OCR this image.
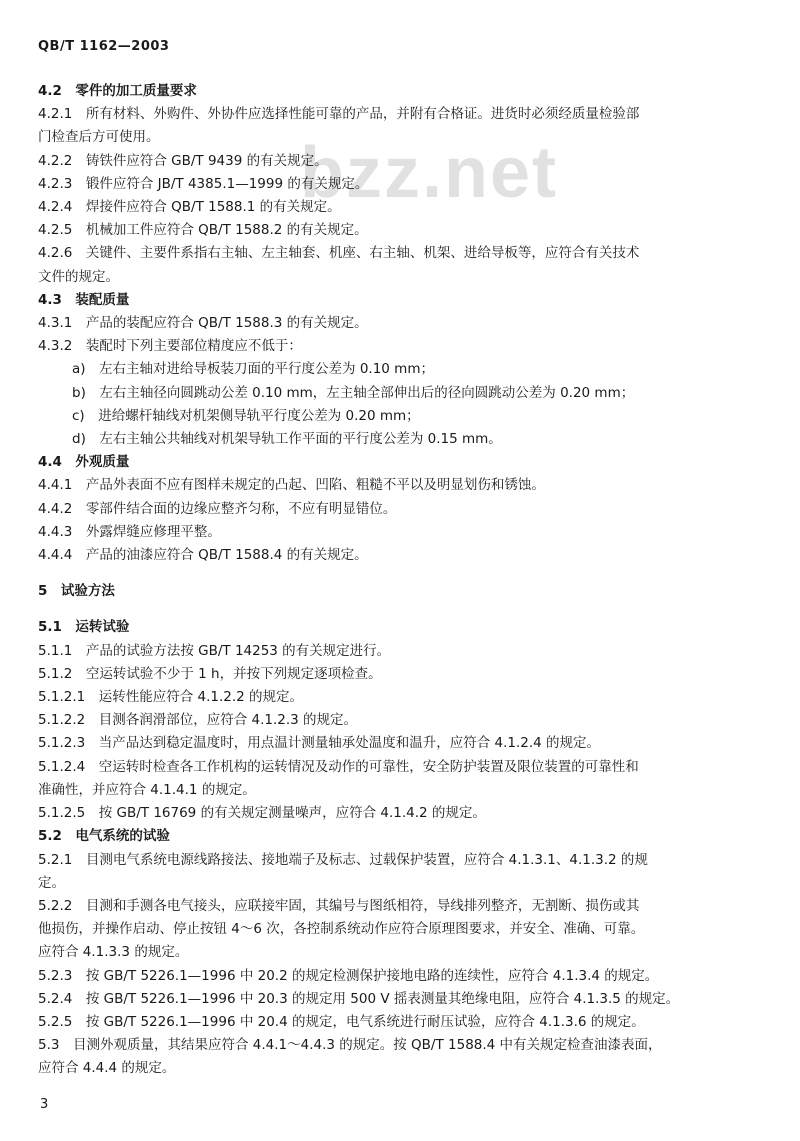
QB/T 1162—2003
bzz.net
4.2　零件的加工质量要求
4.2.1　所有材料、外购件、外协件应选择性能可靠的产品，并附有合格证。进货时必须经质量检验部
门检查后方可使用。
4.2.2　铸铁件应符合 GB/T 9439 的有关规定。
4.2.3　锻件应符合 JB/T 4385.1—1999 的有关规定。
4.2.4　焊接件应符合 QB/T 1588.1 的有关规定。
4.2.5　机械加工件应符合 QB/T 1588.2 的有关规定。
4.2.6　关键件、主要件系指右主轴、左主轴套、机座、右主轴、机架、进给导板等，应符合有关技术
文件的规定。
4.3　装配质量
4.3.1　产品的装配应符合 QB/T 1588.3 的有关规定。
4.3.2　装配时下列主要部位精度应不低于：
a)　左右主轴对进给导板装刀面的平行度公差为 0.10 mm；
b)　左右主轴径向圆跳动公差 0.10 mm，左主轴全部伸出后的径向圆跳动公差为 0.20 mm；
c)　进给螺杆轴线对机架侧导轨平行度公差为 0.20 mm；
d)　左右主轴公共轴线对机架导轨工作平面的平行度公差为 0.15 mm。
4.4　外观质量
4.4.1　产品外表面不应有图样未规定的凸起、凹陷、粗糙不平以及明显划伤和锈蚀。
4.4.2　零部件结合面的边缘应整齐匀称，不应有明显错位。
4.4.3　外露焊缝应修理平整。
4.4.4　产品的油漆应符合 QB/T 1588.4 的有关规定。
5　试验方法
5.1　运转试验
5.1.1　产品的试验方法按 GB/T 14253 的有关规定进行。
5.1.2　空运转试验不少于 1 h，并按下列规定逐项检查。
5.1.2.1　运转性能应符合 4.1.2.2 的规定。
5.1.2.2　目测各润滑部位，应符合 4.1.2.3 的规定。
5.1.2.3　当产品达到稳定温度时，用点温计测量轴承处温度和温升，应符合 4.1.2.4 的规定。
5.1.2.4　空运转时检查各工作机构的运转情况及动作的可靠性，安全防护装置及限位装置的可靠性和
准确性，并应符合 4.1.4.1 的规定。
5.1.2.5　按 GB/T 16769 的有关规定测量噪声，应符合 4.1.4.2 的规定。
5.2　电气系统的试验
5.2.1　目测电气系统电源线路接法、接地端子及标志、过载保护装置，应符合 4.1.3.1、4.1.3.2 的规
定。
5.2.2　目测和手测各电气接头，应联接牢固，其编号与图纸相符，导线排列整齐，无割断、损伤或其
他损伤，并操作启动、停止按钮 4～6 次，各控制系统动作应符合原理图要求，并安全、准确、可靠。
应符合 4.1.3.3 的规定。
5.2.3　按 GB/T 5226.1—1996 中 20.2 的规定检测保护接地电路的连续性，应符合 4.1.3.4 的规定。
5.2.4　按 GB/T 5226.1—1996 中 20.3 的规定用 500 V 摇表测量其绝缘电阻，应符合 4.1.3.5 的规定。
5.2.5　按 GB/T 5226.1—1996 中 20.4 的规定，电气系统进行耐压试验，应符合 4.1.3.6 的规定。
5.3　目测外观质量，其结果应符合 4.4.1～4.4.3 的规定。按 QB/T 1588.4 中有关规定检查油漆表面，
应符合 4.4.4 的规定。
3
